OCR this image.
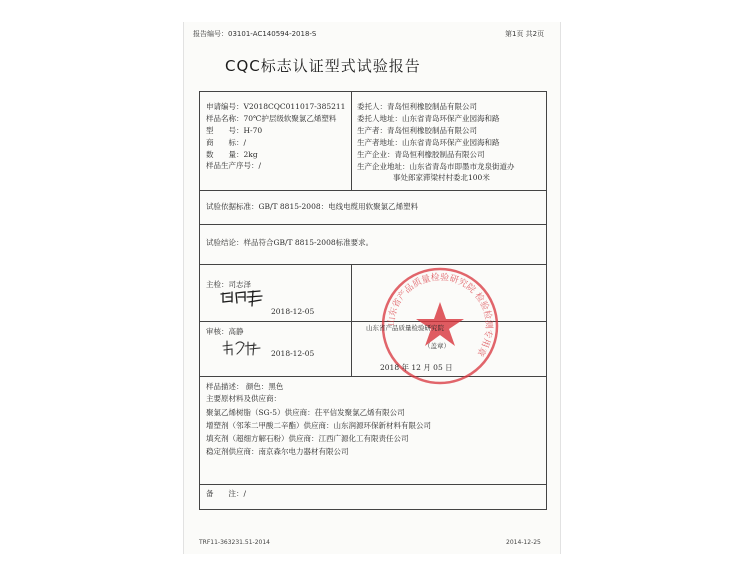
报告编号：03101-AC140594-2018-S	第1页 共2页
CQC标志认证型式试验报告
申请编号：V2018CQC011017-385211
样品名称：70℃护层级软聚氯乙烯塑料
型　　号：H-70
商　　标：/
数　　量：2kg
样品生产序号：/
委托人：青岛恒利橡胶制品有限公司
委托人地址：山东省青岛环保产业园海和路
生产者：青岛恒利橡胶制品有限公司
生产者地址：山东省青岛环保产业园海和路
生产企业：青岛恒利橡胶制品有限公司
生产企业地址：山东省青岛市即墨市龙泉街道办
事处郎家滞梁村村委北100米
试验依据标准：GB/T 8815-2008：电线电缆用软聚氯乙烯塑料
试验结论：样品符合GB/T 8815-2008标准要求。
主检：司志泽
2018-12-05
审核：高静
2018-12-05
山东省产品质量检验研究院 检验检测专用章
山东省产品质量检验研究院
（盖章）
2018 年 12 月 05 日
样品描述： 颜色：黑色
主要原材料及供应商：
聚氯乙烯树脂（SG-5）供应商：茌平信发聚氯乙烯有限公司
增塑剂（邻苯二甲酸二辛酯）供应商：山东润源环保新材料有限公司
填充剂（超细方解石粉）供应商：江西广源化工有限责任公司
稳定剂供应商：南京森尔电力器材有限公司
备　　注：/
TRF11-363231.51-2014	2014-12-25
